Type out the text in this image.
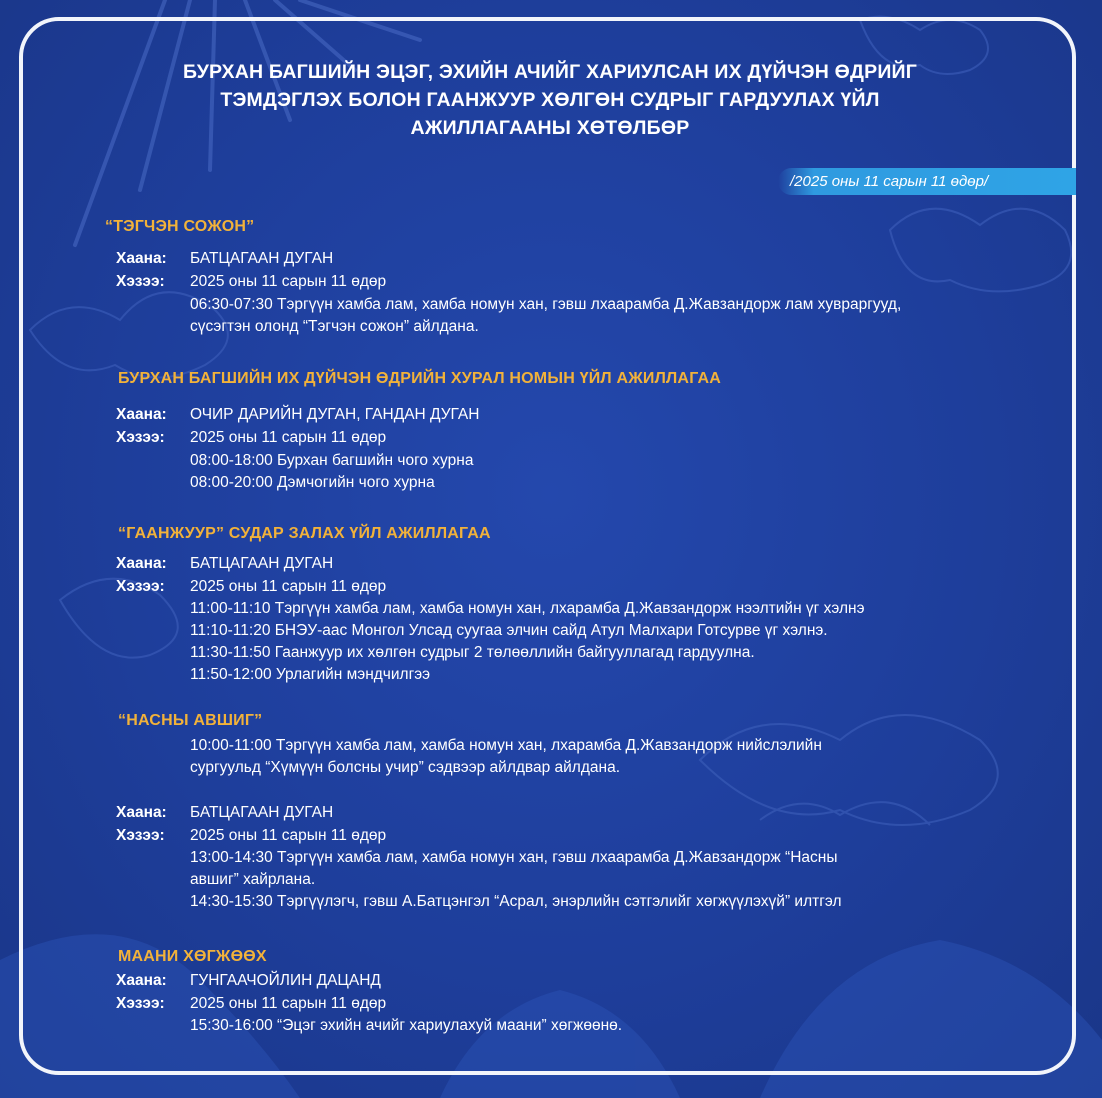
БУРХАН БАГШИЙН ЭЦЭГ, ЭХИЙН АЧИЙГ ХАРИУЛСАН ИХ ДҮЙЧЭН ӨДРИЙГ
ТЭМДЭГЛЭХ БОЛОН ГААНЖУУР ХӨЛГӨН СУДРЫГ ГАРДУУЛАХ ҮЙЛ
АЖИЛЛАГААНЫ ХӨТӨЛБӨР
/2025 оны 11 сарын 11 өдөр/
“ТЭГЧЭН СОЖОН”
Хаана: БАТЦАГААН ДУГАН
Хэзээ: 2025 оны 11 сарын 11 өдөр
06:30-07:30 Тэргүүн хамба лам, хамба номун хан, гэвш лхаарамба Д.Жавзандорж лам хувраргууд,
сүсэгтэн олонд “Тэгчэн сожон” айлдана.
БУРХАН БАГШИЙН ИХ ДҮЙЧЭН ӨДРИЙН ХУРАЛ НОМЫН ҮЙЛ АЖИЛЛАГАА
Хаана: ОЧИР ДАРИЙН ДУГАН, ГАНДАН ДУГАН
Хэзээ: 2025 оны 11 сарын 11 өдөр
08:00-18:00 Бурхан багшийн чого хурна
08:00-20:00 Дэмчогийн чого хурна
“ГААНЖУУР” СУДАР ЗАЛАХ ҮЙЛ АЖИЛЛАГАА
Хаана: БАТЦАГААН ДУГАН
Хэзээ: 2025 оны 11 сарын 11 өдөр
11:00-11:10 Тэргүүн хамба лам, хамба номун хан, лхарамба Д.Жавзандорж нээлтийн үг хэлнэ
11:10-11:20 БНЭУ-аас Монгол Улсад суугаа элчин сайд Атул Малхари Готсурве үг хэлнэ.
11:30-11:50 Гаанжуур их хөлгөн судрыг 2 төлөөллийн байгууллагад гардуулна.
11:50-12:00 Урлагийн мэндчилгээ
“НАСНЫ АВШИГ”
10:00-11:00 Тэргүүн хамба лам, хамба номун хан, лхарамба Д.Жавзандорж нийслэлийн
сургуульд “Хүмүүн болсны учир” сэдвээр айлдвар айлдана.
Хаана: БАТЦАГААН ДУГАН
Хэзээ: 2025 оны 11 сарын 11 өдөр
13:00-14:30 Тэргүүн хамба лам, хамба номун хан, гэвш лхаарамба Д.Жавзандорж “Насны
авшиг” хайрлана.
14:30-15:30 Тэргүүлэгч, гэвш А.Батцэнгэл “Асрал, энэрлийн сэтгэлийг хөгжүүлэхүй” илтгэл
МААНИ ХӨГЖӨӨХ
Хаана: ГУНГААЧОЙЛИН ДАЦАНД
Хэзээ: 2025 оны 11 сарын 11 өдөр
15:30-16:00 “Эцэг эхийн ачийг хариулахуй маани” хөгжөөнө.
